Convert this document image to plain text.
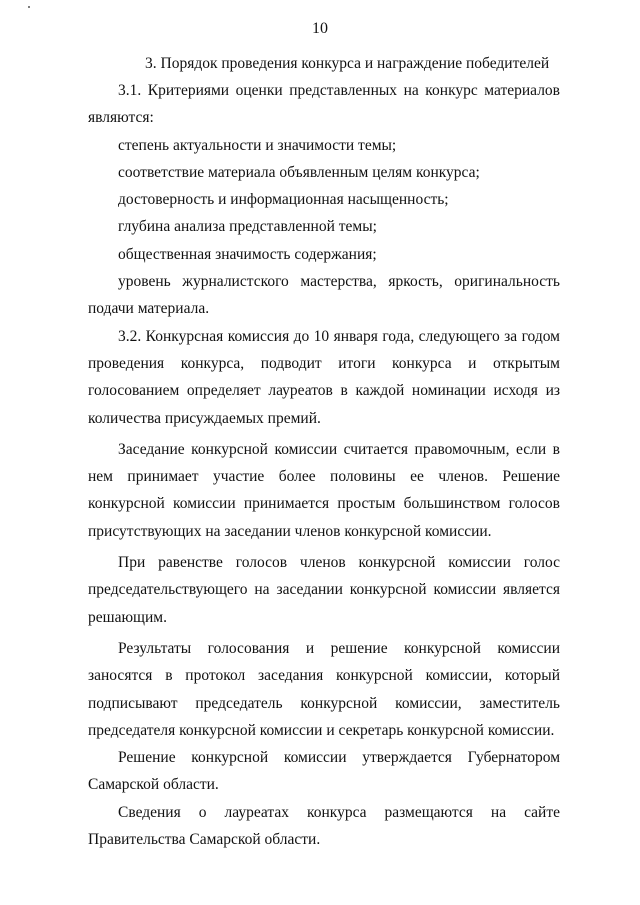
10
3. Порядок проведения конкурса и награждение победителей

3.1. Критериями оценки представленных на конкурс материалов являются:

степень актуальности и значимости темы;

соответствие материала объявленным целям конкурса;

достоверность и информационная насыщенность;

глубина анализа представленной темы;

общественная значимость содержания;

уровень журналистского мастерства, яркость, оригинальность подачи материала.

3.2. Конкурсная комиссия до 10 января года, следующего за годом проведения конкурса, подводит итоги конкурса и открытым голосованием определяет лауреатов в каждой номинации исходя из количества присуждаемых премий.

Заседание конкурсной комиссии считается правомочным, если в нем принимает участие более половины ее членов. Решение конкурсной комиссии принимается простым большинством голосов присутствующих на заседании членов конкурсной комиссии.

При равенстве голосов членов конкурсной комиссии голос председательствующего на заседании конкурсной комиссии является решающим.

Результаты голосования и решение конкурсной комиссии заносятся в протокол заседания конкурсной комиссии, который подписывают председатель конкурсной комиссии, заместитель председателя конкурсной комиссии и секретарь конкурсной комиссии.

Решение конкурсной комиссии утверждается Губернатором Самарской области.

Сведения о лауреатах конкурса размещаются на сайте Правительства Самарской области.
